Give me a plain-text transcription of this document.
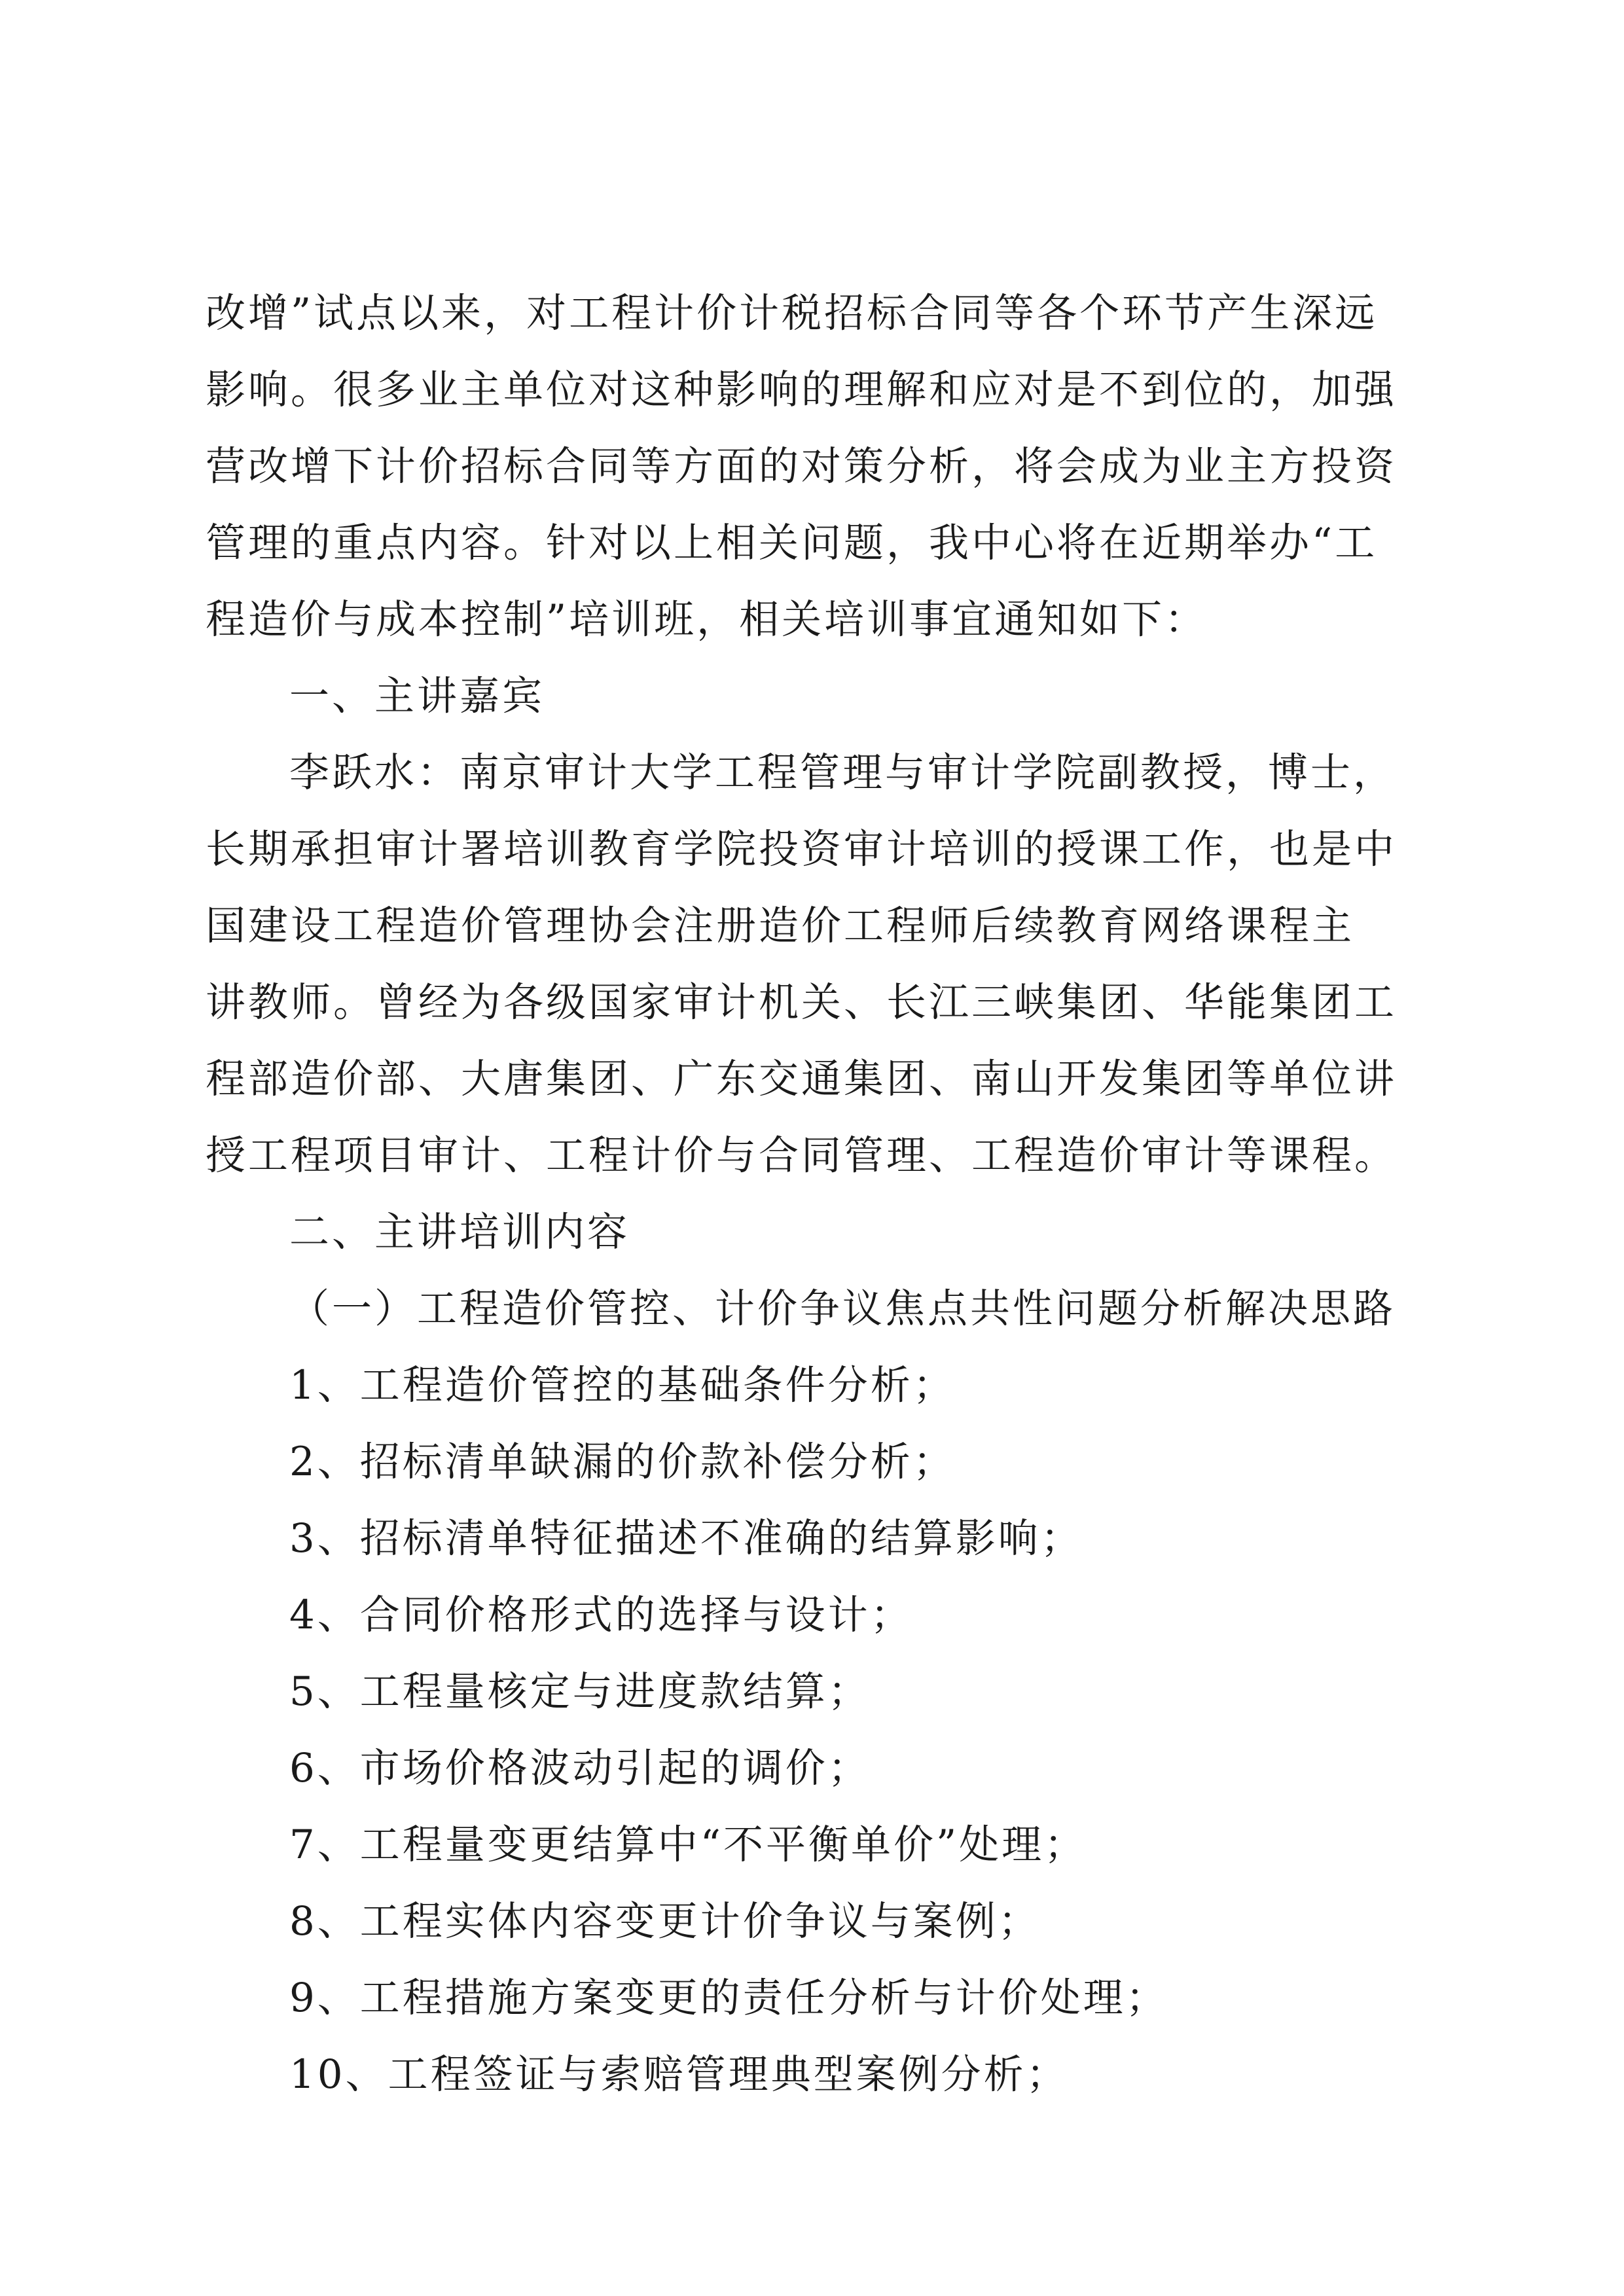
改增”试点以来，对工程计价计税招标合同等各个环节产生深远
影响。很多业主单位对这种影响的理解和应对是不到位的，加强
营改增下计价招标合同等方面的对策分析，将会成为业主方投资
管理的重点内容。针对以上相关问题，我中心将在近期举办“工
程造价与成本控制”培训班，相关培训事宜通知如下：

一、主讲嘉宾

李跃水：南京审计大学工程管理与审计学院副教授，博士，
长期承担审计署培训教育学院投资审计培训的授课工作，也是中
国建设工程造价管理协会注册造价工程师后续教育网络课程主
讲教师。曾经为各级国家审计机关、长江三峡集团、华能集团工
程部造价部、大唐集团、广东交通集团、南山开发集团等单位讲
授工程项目审计、工程计价与合同管理、工程造价审计等课程。

二、主讲培训内容

（一）工程造价管控、计价争议焦点共性问题分析解决思路

1、工程造价管控的基础条件分析；

2、招标清单缺漏的价款补偿分析；

3、招标清单特征描述不准确的结算影响；

4、合同价格形式的选择与设计；

5、工程量核定与进度款结算；

6、市场价格波动引起的调价；

7、工程量变更结算中“不平衡单价”处理；

8、工程实体内容变更计价争议与案例；

9、工程措施方案变更的责任分析与计价处理；

10、工程签证与索赔管理典型案例分析；
